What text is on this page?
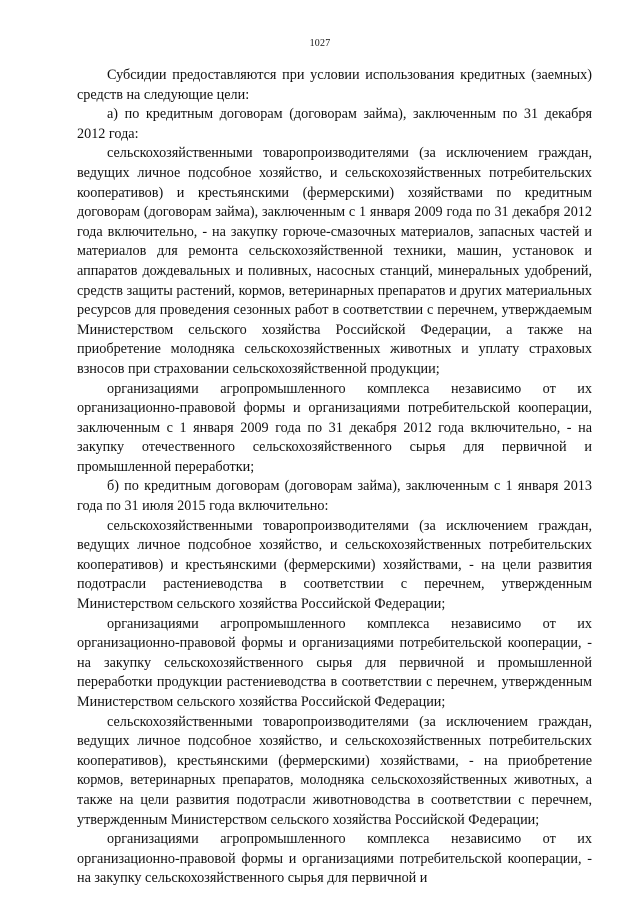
1027

Субсидии предоставляются при условии использования кредитных (заемных) средств на следующие цели:

а) по кредитным договорам (договорам займа), заключенным по 31 декабря 2012 года:

сельскохозяйственными товаропроизводителями (за исключением граждан, ведущих личное подсобное хозяйство, и сельскохозяйственных потребительских кооперативов) и крестьянскими (фермерскими) хозяйствами по кредитным договорам (договорам займа), заключенным с 1 января 2009 года по 31 декабря 2012 года включительно, - на закупку горюче-смазочных материалов, запасных частей и материалов для ремонта сельскохозяйственной техники, машин, установок и аппаратов дождевальных и поливных, насосных станций, минеральных удобрений, средств защиты растений, кормов, ветеринарных препаратов и других материальных ресурсов для проведения сезонных работ в соответствии с перечнем, утверждаемым Министерством сельского хозяйства Российской Федерации, а также на приобретение молодняка сельскохозяйственных животных и уплату страховых взносов при страховании сельскохозяйственной продукции;

организациями агропромышленного комплекса независимо от их организационно-правовой формы и организациями потребительской кооперации, заключенным с 1 января 2009 года по 31 декабря 2012 года включительно, - на закупку отечественного сельскохозяйственного сырья для первичной и промышленной переработки;

б) по кредитным договорам (договорам займа), заключенным с 1 января 2013 года по 31 июля 2015 года включительно:

сельскохозяйственными товаропроизводителями (за исключением граждан, ведущих личное подсобное хозяйство, и сельскохозяйственных потребительских кооперативов) и крестьянскими (фермерскими) хозяйствами, - на цели развития подотрасли растениеводства в соответствии с перечнем, утвержденным Министерством сельского хозяйства Российской Федерации;

организациями агропромышленного комплекса независимо от их организационно-правовой формы и организациями потребительской кооперации, - на закупку сельскохозяйственного сырья для первичной и промышленной переработки продукции растениеводства в соответствии с перечнем, утвержденным Министерством сельского хозяйства Российской Федерации;

сельскохозяйственными товаропроизводителями (за исключением граждан, ведущих личное подсобное хозяйство, и сельскохозяйственных потребительских кооперативов), крестьянскими (фермерскими) хозяйствами, - на приобретение кормов, ветеринарных препаратов, молодняка сельскохозяйственных животных, а также на цели развития подотрасли животноводства в соответствии с перечнем, утвержденным Министерством сельского хозяйства Российской Федерации;

организациями агропромышленного комплекса независимо от их организационно-правовой формы и организациями потребительской кооперации, - на закупку сельскохозяйственного сырья для первичной и
